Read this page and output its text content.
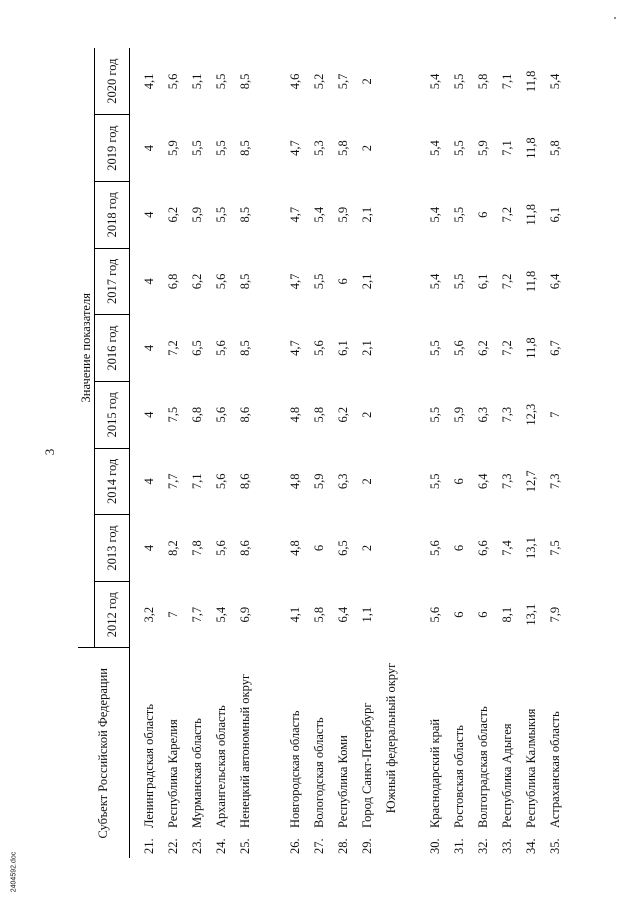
3
Субъект Российской Федерации		Значение показателя								
		2012 год	2013 год	2014 год	2015 год	2016 год	2017 год	2018 год	2019 год	2020 год
21.	Ленинградская область	3,2	4	4	4	4	4	4	4	4,1
22.	Республика Карелия	7	8,2	7,7	7,5	7,2	6,8	6,2	5,9	5,6
23.	Мурманская область	7,7	7,8	7,1	6,8	6,5	6,2	5,9	5,5	5,1
24.	Архангельская область	5,4	5,6	5,6	5,6	5,6	5,6	5,5	5,5	5,5
25.	Ненецкий автономный округ	6,9	8,6	8,6	8,6	8,5	8,5	8,5	8,5	8,5
26.	Новгородская область	4,1	4,8	4,8	4,8	4,7	4,7	4,7	4,7	4,6
27.	Вологодская область	5,8	6	5,9	5,8	5,6	5,5	5,4	5,3	5,2
28.	Республика Коми	6,4	6,5	6,3	6,2	6,1	6	5,9	5,8	5,7
29.	Город Санкт-Петербург	1,1	2	2	2	2,1	2,1	2,1	2	2
	Южный федеральный округ									
30.	Краснодарский край	5,6	5,6	5,5	5,5	5,5	5,4	5,4	5,4	5,4
31.	Ростовская область	6	6	6	5,9	5,6	5,5	5,5	5,5	5,5
32.	Волгоградская область	6	6,6	6,4	6,3	6,2	6,1	6	5,9	5,8
33.	Республика Адыгея	8,1	7,4	7,3	7,3	7,2	7,2	7,2	7,1	7,1
34.	Республика Калмыкия	13,1	13,1	12,7	12,3	11,8	11,8	11,8	11,8	11,8
35.	Астраханская область	7,9	7,5	7,3	7	6,7	6,4	6,1	5,8	5,4
2404592.doc
